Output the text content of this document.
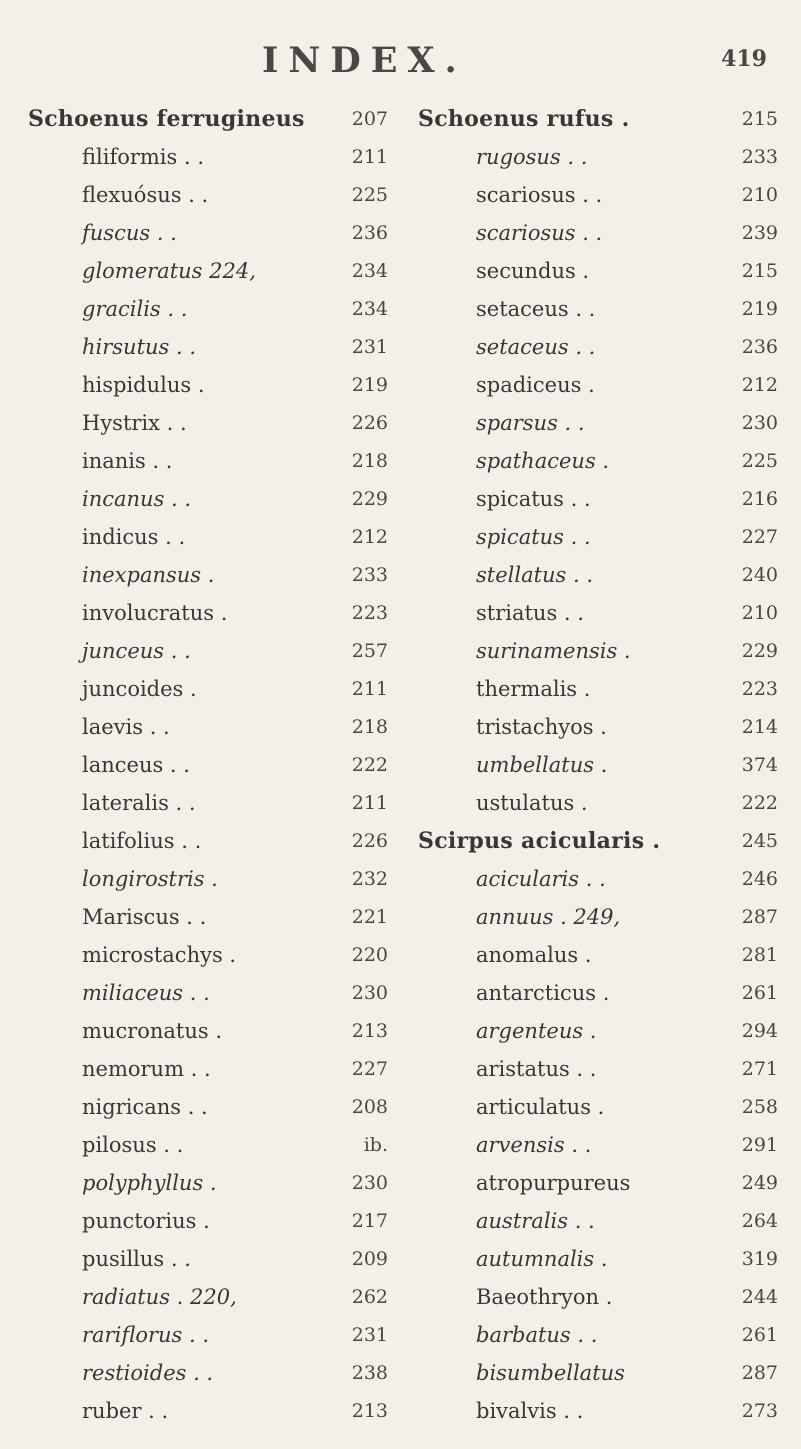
INDEX.	419
Schoenus ferrugineus 207
filiformis . .	211
flexuósus . .	225
fuscus . .	236
glomeratus 224,	234
gracilis . .	234
hirsutus . .	231
hispidulus .	219
Hystrix . .	226
inanis . .	218
incanus . .	229
indicus . .	212
inexpansus .	233
involucratus .	223
junceus . .	257
juncoides .	211
laevis . .	218
lanceus . .	222
lateralis . .	211
latifolius . .	226
longirostris .	232
Mariscus . .	221
microstachys .	220
miliaceus . .	230
mucronatus .	213
nemorum . .	227
nigricans . .	208
pilosus . .	ib.
polyphyllus .	230
punctorius .	217
pusillus . .	209
radiatus . 220,	262
rariflorus . .	231
restioides . .	238
ruber . .	213
Schoenus rufus .	215
rugosus . .	233
scariosus . .	210
scariosus . .	239
secundus .	215
setaceus . .	219
setaceus . .	236
spadiceus .	212
sparsus . .	230
spathaceus .	225
spicatus . .	216
spicatus . .	227
stellatus . .	240
striatus . .	210
surinamensis .	229
thermalis .	223
tristachyos .	214
umbellatus .	374
ustulatus .	222
Scirpus acicularis .	245
acicularis . .	246
annuus . 249,	287
anomalus .	281
antarcticus .	261
argenteus .	294
aristatus . .	271
articulatus .	258
arvensis . .	291
atropurpureus	249
australis . .	264
autumnalis .	319
Baeothryon .	244
barbatus . .	261
bisumbellatus	287
bivalvis . .	273
